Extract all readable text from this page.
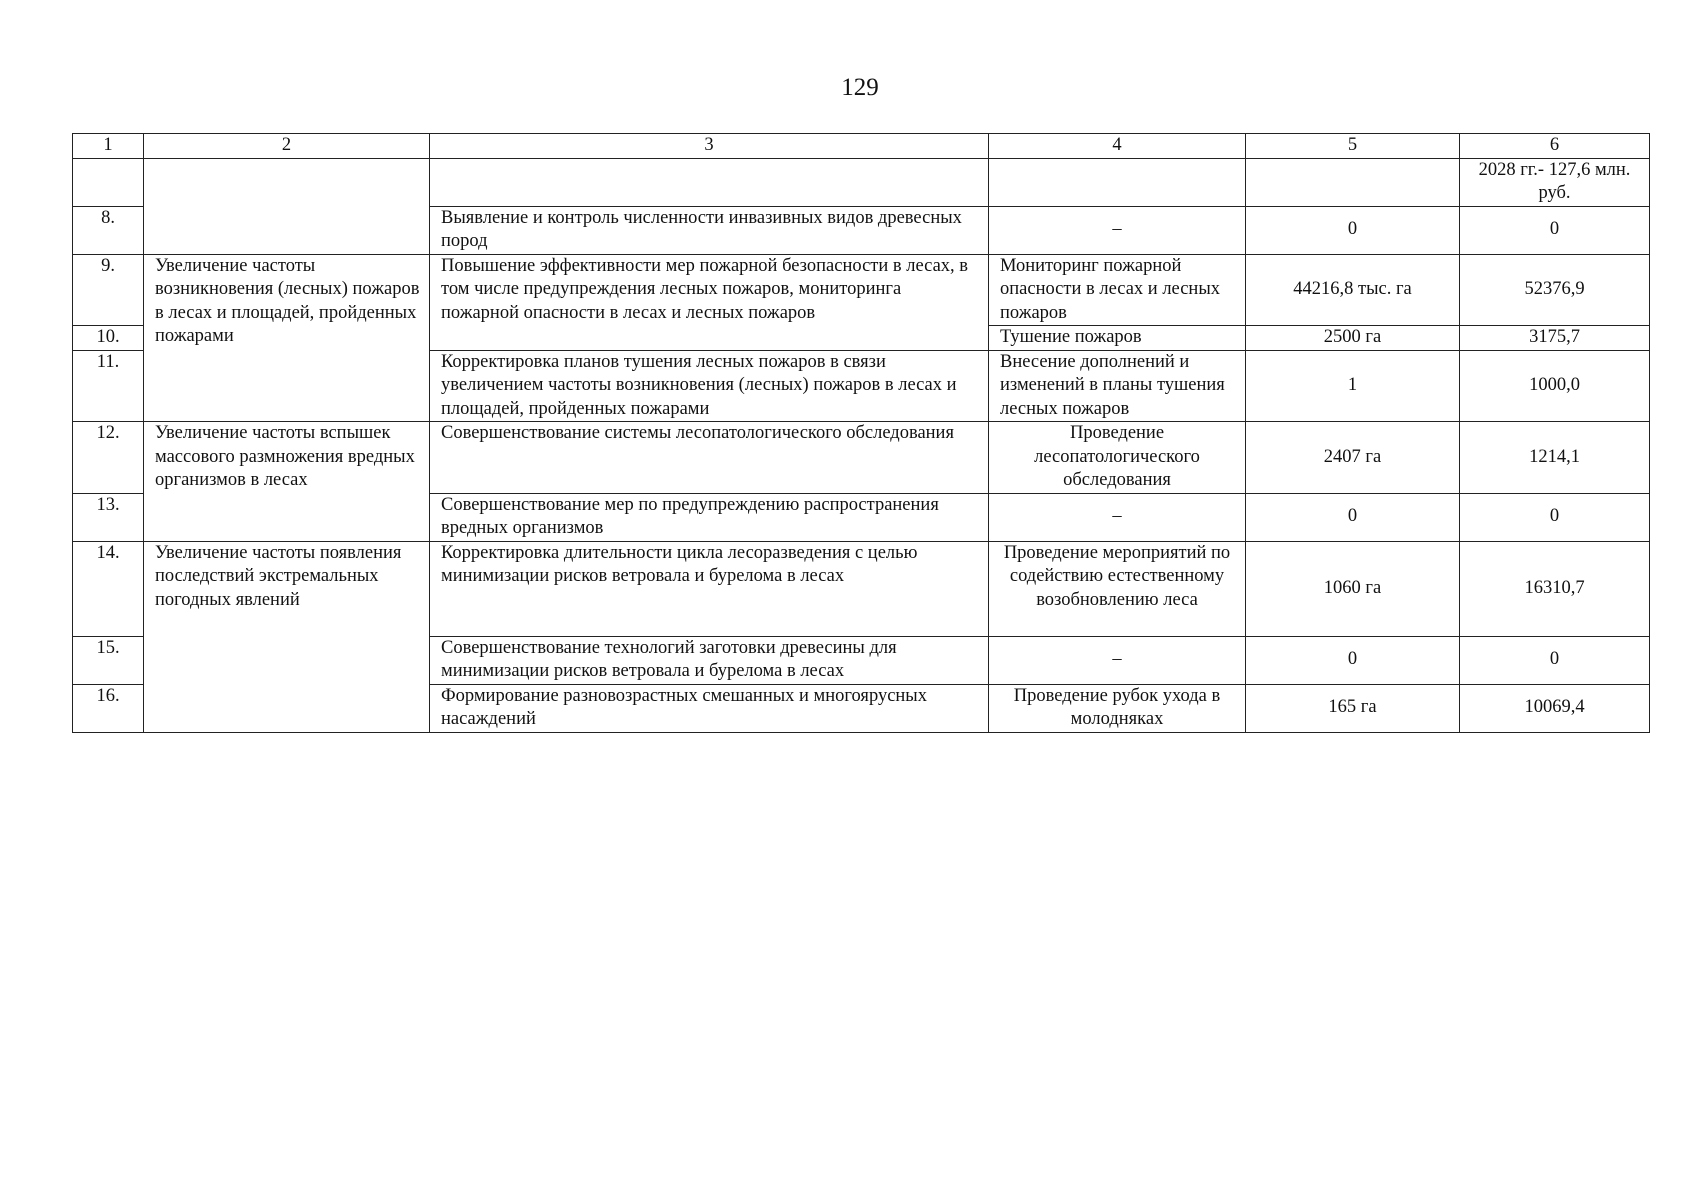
129
1	2	3	4	5	6
					2028 гг.- 127,6 млн. руб.
8.		Выявление и контроль численности инвазивных видов древесных пород	–	0	0
9.	Увеличение частоты возникновения (лесных) пожаров в лесах и площадей, пройденных пожарами	Повышение эффективности мер пожарной безопасности в лесах, в том числе предупреждения лесных пожаров, мониторинга пожарной опасности в лесах и лесных пожаров	Мониторинг пожарной опасности в лесах и лесных пожаров	44216,8 тыс. га	52376,9
10.			Тушение пожаров	2500 га	3175,7
11.		Корректировка планов тушения лесных пожаров в связи увеличением частоты возникновения (лесных) пожаров в лесах и площадей, пройденных пожарами	Внесение дополнений и изменений в планы тушения лесных пожаров	1	1000,0
12.	Увеличение частоты вспышек массового размножения вредных организмов в лесах	Совершенствование системы лесопатологического обследования	Проведение лесопатологического обследования	2407 га	1214,1
13.		Совершенствование мер по предупреждению распространения вредных организмов	–	0	0
14.	Увеличение частоты появления последствий экстремальных погодных явлений	Корректировка длительности цикла лесоразведения с целью минимизации рисков ветровала и бурелома в лесах	Проведение мероприятий по содействию естественному возобновлению леса	1060 га	16310,7
15.		Совершенствование технологий заготовки древесины для минимизации рисков ветровала и бурелома в лесах	–	0	0
16.		Формирование разновозрастных смешанных и многоярусных насаждений	Проведение рубок ухода в молодняках	165 га	10069,4
